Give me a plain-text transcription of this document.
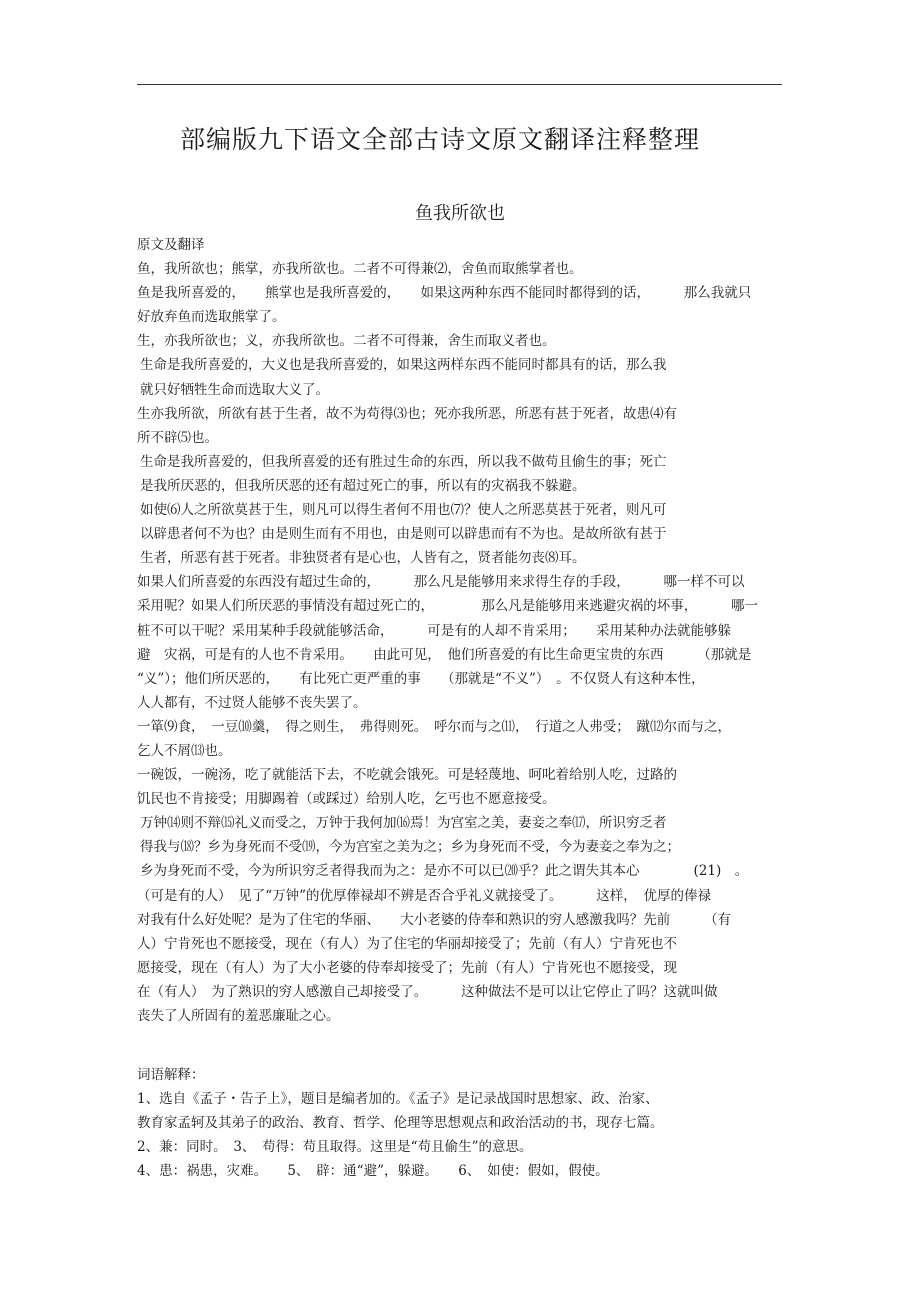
部编版九下语文全部古诗文原文翻译注释整理
鱼我所欲也
原文及翻译
鱼，我所欲也；熊掌，亦我所欲也。二者不可得兼⑵，舍鱼而取熊掌者也。
鱼是我所喜爱的，　　熊掌也是我所喜爱的，　　如果这两种东西不能同时都得到的话，　　　那么我就只
好放弃鱼而选取熊掌了。
生，亦我所欲也；义，亦我所欲也。二者不可得兼，舍生而取义者也。
生命是我所喜爱的，大义也是我所喜爱的，如果这两样东西不能同时都具有的话，那么我
就只好牺牲生命而选取大义了。
生亦我所欲，所欲有甚于生者，故不为苟得⑶也；死亦我所恶，所恶有甚于死者，故患⑷有
所不辟⑸也。
生命是我所喜爱的，但我所喜爱的还有胜过生命的东西，所以我不做苟且偷生的事；死亡
是我所厌恶的，但我所厌恶的还有超过死亡的事，所以有的灾祸我不躲避。
如使⑹人之所欲莫甚于生，则凡可以得生者何不用也⑺？使人之所恶莫甚于死者，则凡可
以辟患者何不为也？由是则生而有不用也，由是则可以辟患而有不为也。是故所欲有甚于
生者，所恶有甚于死者。非独贤者有是心也，人皆有之，贤者能勿丧⑻耳。
如果人们所喜爱的东西没有超过生命的，　　　那么凡是能够用来求得生存的手段，　　　哪一样不可以
采用呢？如果人们所厌恶的事情没有超过死亡的，　　　　那么凡是能够用来逃避灾祸的坏事，　　　哪一
桩不可以干呢？采用某种手段就能够活命，　　　可是有的人却不肯采用；　　采用某种办法就能够躲
避　灾祸，可是有的人也不肯采用。　　由此可见，　他们所喜爱的有比生命更宝贵的东西　　　（那就是
“义”）；他们所厌恶的，　　有比死亡更严重的事　　（那就是“不义”）　。不仅贤人有这种本性，
人人都有，不过贤人能够不丧失罢了。
一箪⑼食，　一豆⑽羹，　得之则生，　弗得则死。　呼尔而与之⑾，　行道之人弗受；　蹴⑿尔而与之，
乞人不屑⒀也。
一碗饭，一碗汤，吃了就能活下去，不吃就会饿死。可是轻蔑地、呵叱着给别人吃，过路的
饥民也不肯接受；用脚踢着（或踩过）给别人吃，乞丐也不愿意接受。
万钟⒁则不辩⒂礼义而受之，万钟于我何加⒃焉！为宫室之美，妻妾之奉⒄，所识穷乏者
得我与⒅？乡为身死而不受⒆，今为宫室之美为之；乡为身死而不受，今为妻妾之奉为之；
乡为身死而不受，今为所识穷乏者得我而为之：是亦不可以已⒇乎？此之谓失其本心　　　　(21)　。
（可是有的人）　见了“万钟”的优厚俸禄却不辨是否合乎礼义就接受了。　　　这样，　优厚的俸禄
对我有什么好处呢？是为了住宅的华丽、　　大小老婆的侍奉和熟识的穷人感激我吗？先前　　　（有
人）宁肯死也不愿接受，现在（有人）为了住宅的华丽却接受了；先前（有人）宁肯死也不
愿接受，现在（有人）为了大小老婆的侍奉却接受了；先前（有人）宁肯死也不愿接受，现
在（有人）　为了熟识的穷人感激自己却接受了。　　　这种做法不是可以让它停止了吗？这就叫做
丧失了人所固有的羞恶廉耻之心。
词语解释：
1、选自《孟子・告子上》，题目是编者加的。《孟子》是记录战国时思想家、政、治家、
教育家孟轲及其弟子的政治、教育、哲学、伦理等思想观点和政治活动的书，现存七篇。
2、兼：同时。　3、　苟得：苟且取得。这里是“苟且偷生”的意思。
4、患：祸患，灾难。　　5、　辟：通“避”，躲避。　　6、　如使：假如，假使。
